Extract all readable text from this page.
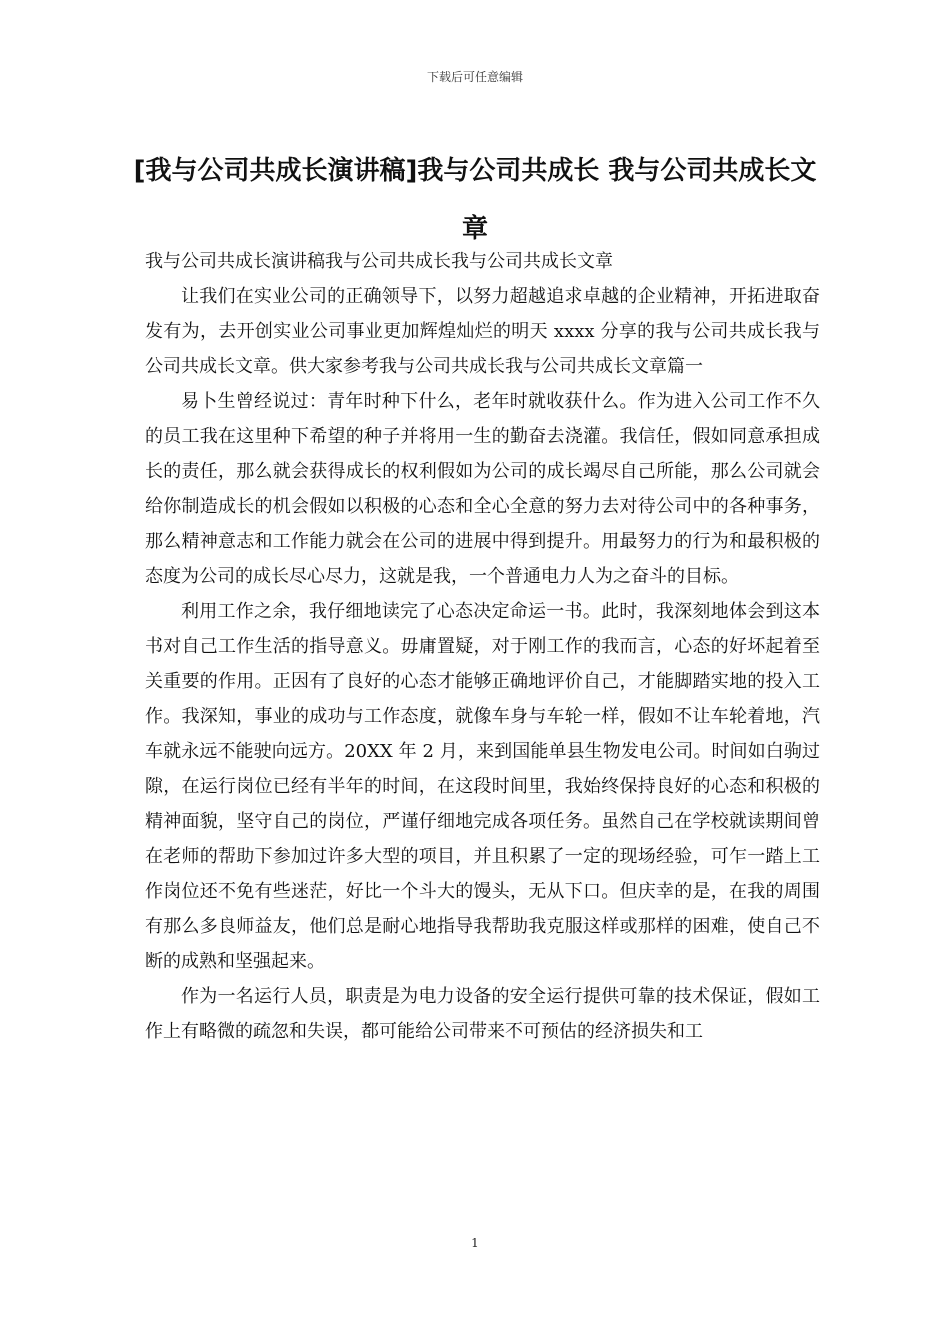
下载后可任意编辑
[我与公司共成长演讲稿]我与公司共成长 我与公司共成长文章

我与公司共成长演讲稿我与公司共成长我与公司共成长文章

让我们在实业公司的正确领导下，以努力超越追求卓越的企业精神，开拓进取奋发有为，去开创实业公司事业更加辉煌灿烂的明天 xxxx 分享的我与公司共成长我与公司共成长文章。供大家参考我与公司共成长我与公司共成长文章篇一

易卜生曾经说过：青年时种下什么，老年时就收获什么。作为进入公司工作不久的员工我在这里种下希望的种子并将用一生的勤奋去浇灌。我信任，假如同意承担成长的责任，那么就会获得成长的权利假如为公司的成长竭尽自己所能，那么公司就会给你制造成长的机会假如以积极的心态和全心全意的努力去对待公司中的各种事务，那么精神意志和工作能力就会在公司的进展中得到提升。用最努力的行为和最积极的态度为公司的成长尽心尽力，这就是我，一个普通电力人为之奋斗的目标。

利用工作之余，我仔细地读完了心态决定命运一书。此时，我深刻地体会到这本书对自己工作生活的指导意义。毋庸置疑，对于刚工作的我而言，心态的好坏起着至关重要的作用。正因有了良好的心态才能够正确地评价自己，才能脚踏实地的投入工作。我深知，事业的成功与工作态度，就像车身与车轮一样，假如不让车轮着地，汽车就永远不能驶向远方。20XX 年 2 月，来到国能单县生物发电公司。时间如白驹过隙，在运行岗位已经有半年的时间，在这段时间里，我始终保持良好的心态和积极的精神面貌，坚守自己的岗位，严谨仔细地完成各项任务。虽然自己在学校就读期间曾在老师的帮助下参加过许多大型的项目，并且积累了一定的现场经验，可乍一踏上工作岗位还不免有些迷茫，好比一个斗大的馒头，无从下口。但庆幸的是，在我的周围有那么多良师益友，他们总是耐心地指导我帮助我克服这样或那样的困难，使自己不断的成熟和坚强起来。

作为一名运行人员，职责是为电力设备的安全运行提供可靠的技术保证，假如工作上有略微的疏忽和失误，都可能给公司带来不可预估的经济损失和工

1
